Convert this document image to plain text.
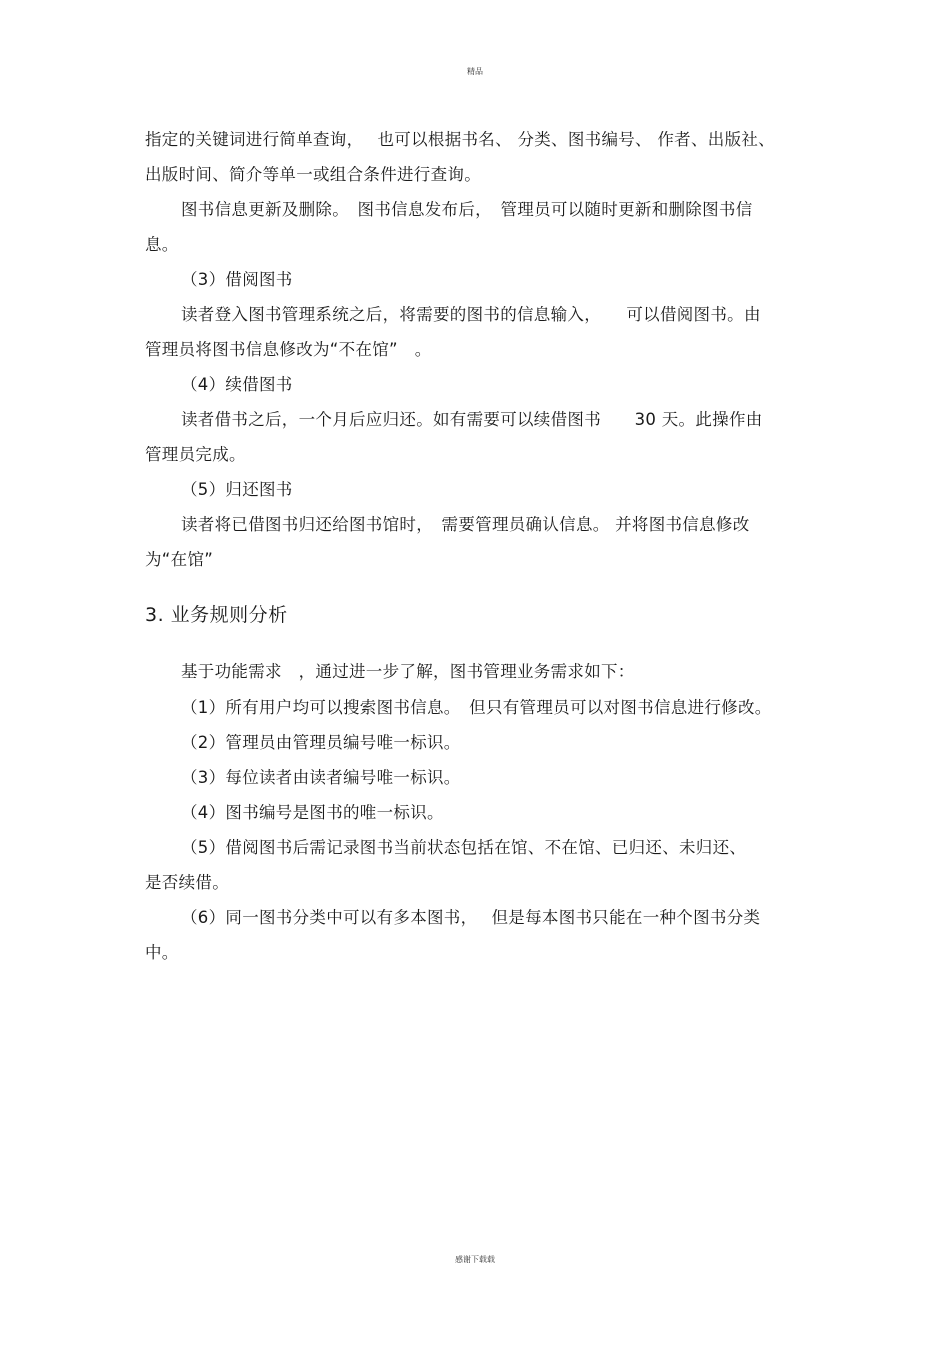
精品
指定的关键词进行简单查询，　 也可以根据书名、 分类、图书编号、 作者、出版社、
出版时间、简介等单一或组合条件进行查询。
图书信息更新及删除。　图书信息发布后，　管理员可以随时更新和删除图书信
息。
（3）借阅图书
读者登入图书管理系统之后，将需要的图书的信息输入，　　可以借阅图书。由
管理员将图书信息修改为“不在馆”　。
（4）续借图书
读者借书之后，一个月后应归还。如有需要可以续借图书　　30 天。此操作由
管理员完成。
（5）归还图书
读者将已借图书归还给图书馆时，　需要管理员确认信息。 并将图书信息修改
为“在馆”
3. 业务规则分析
基于功能需求　，通过进一步了解，图书管理业务需求如下：
（1）所有用户均可以搜索图书信息。　但只有管理员可以对图书信息进行修改。
（2）管理员由管理员编号唯一标识。
（3）每位读者由读者编号唯一标识。
（4）图书编号是图书的唯一标识。
（5）借阅图书后需记录图书当前状态包括在馆、不在馆、已归还、未归还、
是否续借。
（6）同一图书分类中可以有多本图书，　 但是每本图书只能在一种个图书分类
中。
感谢下载载
